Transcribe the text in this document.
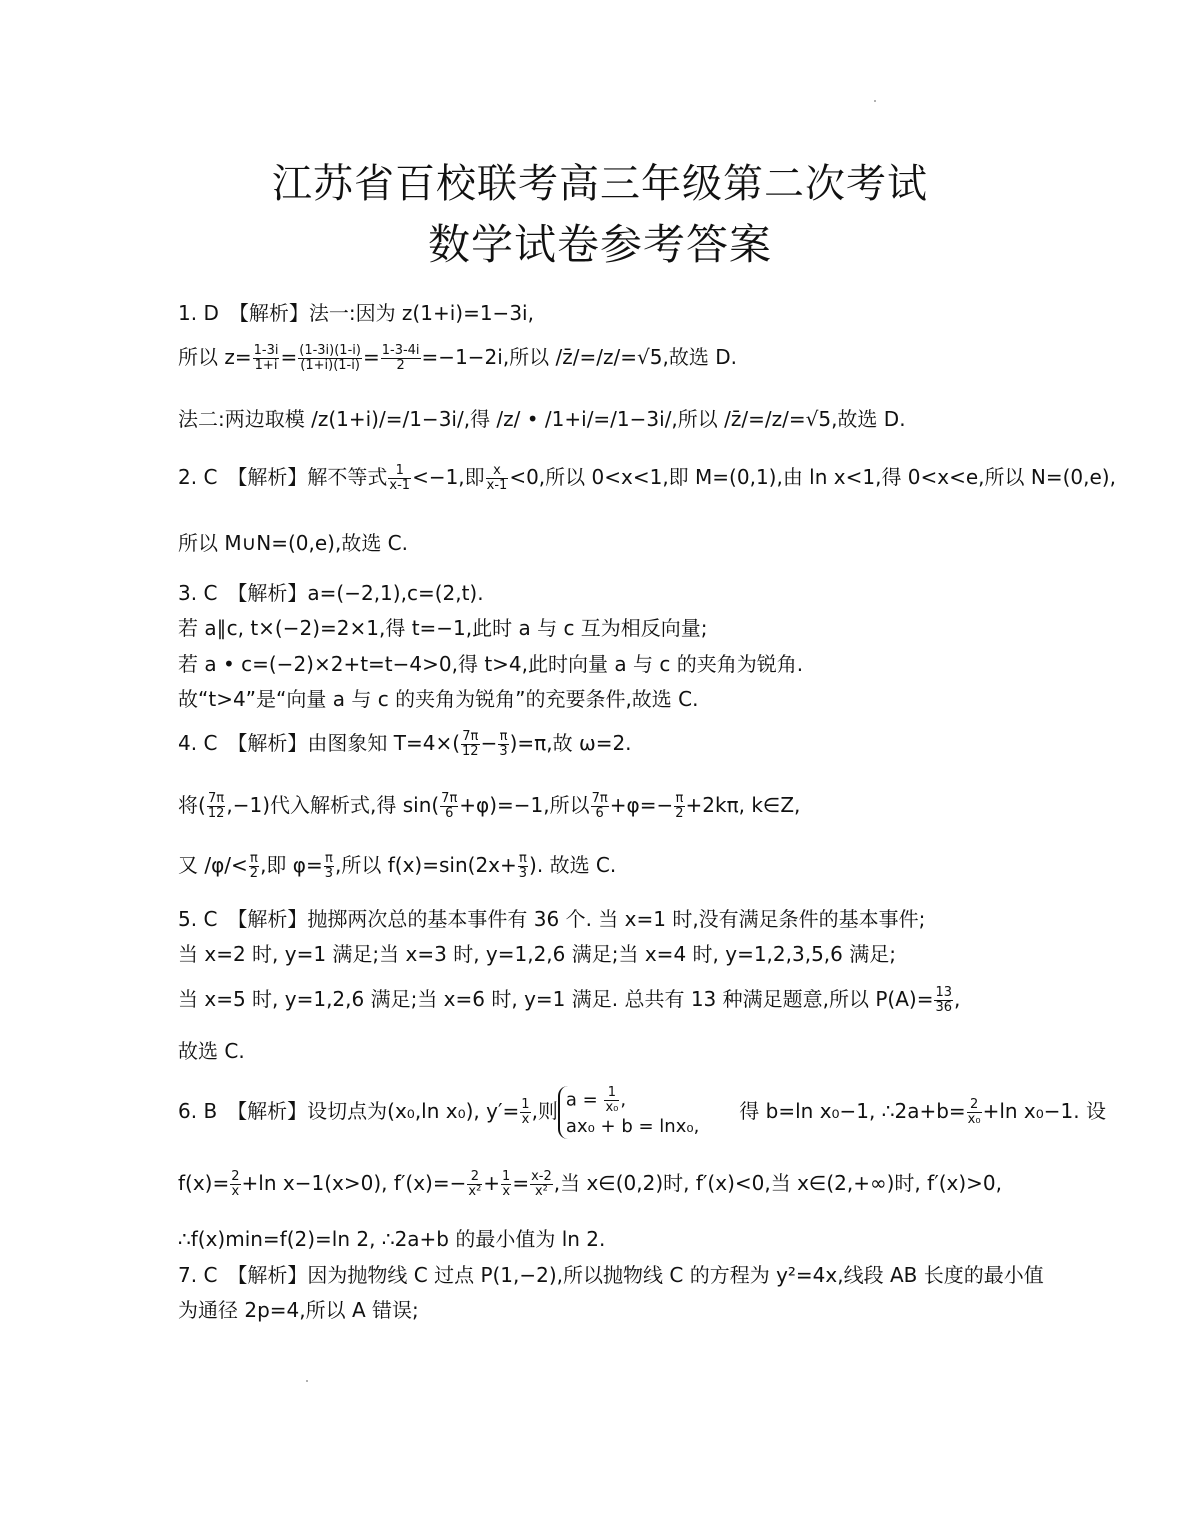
江苏省百校联考高三年级第二次考试
数学试卷参考答案
1. D　【解析】法一:因为 z(1+i)=1−3i,
所以 $z= \frac{1-3i}{1+i} = \frac{(1-3i)(1-i)}{(1+i)(1-i)} = \frac{1-3-4i}{2} =-1-2i$,所以 /z̄/=/z/=√5,故选 D.
法二:两边取模 /z(1+i)/=/1−3i/,得 /z/ • /1+i/=/1−3i/,所以 /z̄/=/z/=√5,故选 D.
2. C　【解析】解不等式 $\frac{1}{x-1} <-1$,即 $\frac{x}{x-1} <0$,所以 0<x<1,即 M=(0,1),由 ln x<1,得 0<x<e,所以 N=(0,e),
所以 M∪N=(0,e),故选 C.
3. C　【解析】a=(−2,1),c=(2,t).
若 a∥c, t×(−2)=2×1,得 t=−1,此时 a 与 c 互为相反向量;
若 a • c=(−2)×2+t=t−4>0,得 t>4,此时向量 a 与 c 的夹角为锐角.
故“t>4”是“向量 a 与 c 的夹角为锐角”的充要条件,故选 C.
4. C　【解析】由图象知 $T=4\times( \frac{7\pi}{12} - \frac{\pi}{3} )=\pi$,故 ω=2.
将( $\frac{7\pi}{12} ,-1$)代入解析式,得 $\sin( \frac{7\pi}{6} +\varphi)=-1$,所以 $\frac{7\pi}{6} +\varphi=- \frac{\pi}{2} +2k\pi$, k∈Z,
又 $/\varphi/< \frac{\pi}{2}$ ,即 $\varphi= \frac{\pi}{3}$ ,所以 $f(x)=\sin(2x+ \frac{\pi}{3}$ ). 故选 C.
5. C　【解析】抛掷两次总的基本事件有 36 个. 当 x=1 时,没有满足条件的基本事件;
当 x=2 时, y=1 满足;当 x=3 时, y=1,2,6 满足;当 x=4 时, y=1,2,3,5,6 满足;
当 x=5 时, y=1,2,6 满足;当 x=6 时, y=1 满足. 总共有 13 种满足题意,所以 $P(A)= \frac{13}{36}$ ,
故选 C.
6. B　【解析】设切点为(x₀,ln x₀), $y'= \frac{1}{x}$ ,则 $a = \frac{1}{\text{x₀}}$ ,
ax₀ + b = lnx₀,
得 b=ln x₀−1, ∴2a+b= $\frac{2}{\text{x₀}} +\ln$ x₀−1. 设
$f(x)= \frac{2}{x} +\ln$ x−1(x>0), $f'(x)=- \frac{2}{\text{x²}} + \frac{1}{x} = \frac{x-2}{\text{x²}}$ ,当 x∈(0,2)时, f′(x)<0,当 x∈(2,+∞)时, f′(x)>0,
∴f(x)min=f(2)=ln 2, ∴2a+b 的最小值为 ln 2.
7. C　【解析】因为抛物线 C 过点 P(1,−2),所以抛物线 C 的方程为 y²=4x,线段 AB 长度的最小值
为通径 2p=4,所以 A 错误;
